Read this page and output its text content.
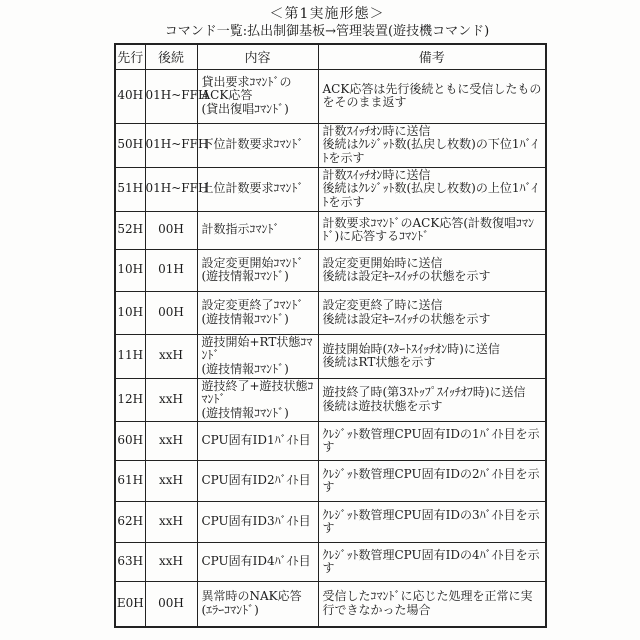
＜第1実施形態＞
コマンド一覧:払出制御基板→管理装置(遊技機コマンド)
先行	後続	内容	備考
40H	01H~FFH	貸出要求ｺﾏﾝﾄﾞの
ACK応答
(貸出復唱ｺﾏﾝﾄﾞ)	ACK応答は先行後続ともに受信したものをそのまま返す
50H	01H~FFH	下位計数要求ｺﾏﾝﾄﾞ	計数ｽｲｯﾁｵﾝ時に送信
後続はｸﾚｼﾞｯﾄ数(払戻し枚数)の下位1ﾊﾞｲﾄを示す
51H	01H~FFH	上位計数要求ｺﾏﾝﾄﾞ	計数ｽｲｯﾁｵﾝ時に送信
後続はｸﾚｼﾞｯﾄ数(払戻し枚数)の上位1ﾊﾞｲﾄを示す
52H	00H	計数指示ｺﾏﾝﾄﾞ	計数要求ｺﾏﾝﾄﾞのACK応答(計数復唱ｺﾏﾝﾄﾞ)に応答するｺﾏﾝﾄﾞ
10H	01H	設定変更開始ｺﾏﾝﾄﾞ
(遊技情報ｺﾏﾝﾄﾞ)	設定変更開始時に送信
後続は設定ｷｰｽｲｯﾁの状態を示す
10H	00H	設定変更終了ｺﾏﾝﾄﾞ
(遊技情報ｺﾏﾝﾄﾞ)	設定変更終了時に送信
後続は設定ｷｰｽｲｯﾁの状態を示す
11H	xxH	遊技開始+RT状態ｺﾏﾝﾄﾞ
(遊技情報ｺﾏﾝﾄﾞ)	遊技開始時(ｽﾀｰﾄｽｲｯﾁｵﾝ時)に送信
後続はRT状態を示す
12H	xxH	遊技終了+遊技状態ｺﾏﾝﾄﾞ
(遊技情報ｺﾏﾝﾄﾞ)	遊技終了時(第3ｽﾄｯﾌﾟｽｲｯﾁｵﾌ時)に送信
後続は遊技状態を示す
60H	xxH	CPU固有ID1ﾊﾞｲﾄ目	ｸﾚｼﾞｯﾄ数管理CPU固有IDの1ﾊﾞｲﾄ目を示す
61H	xxH	CPU固有ID2ﾊﾞｲﾄ目	ｸﾚｼﾞｯﾄ数管理CPU固有IDの2ﾊﾞｲﾄ目を示す
62H	xxH	CPU固有ID3ﾊﾞｲﾄ目	ｸﾚｼﾞｯﾄ数管理CPU固有IDの3ﾊﾞｲﾄ目を示す
63H	xxH	CPU固有ID4ﾊﾞｲﾄ目	ｸﾚｼﾞｯﾄ数管理CPU固有IDの4ﾊﾞｲﾄ目を示す
E0H	00H	異常時のNAK応答
(ｴﾗｰｺﾏﾝﾄﾞ)	受信したｺﾏﾝﾄﾞに応じた処理を正常に実行できなかった場合
